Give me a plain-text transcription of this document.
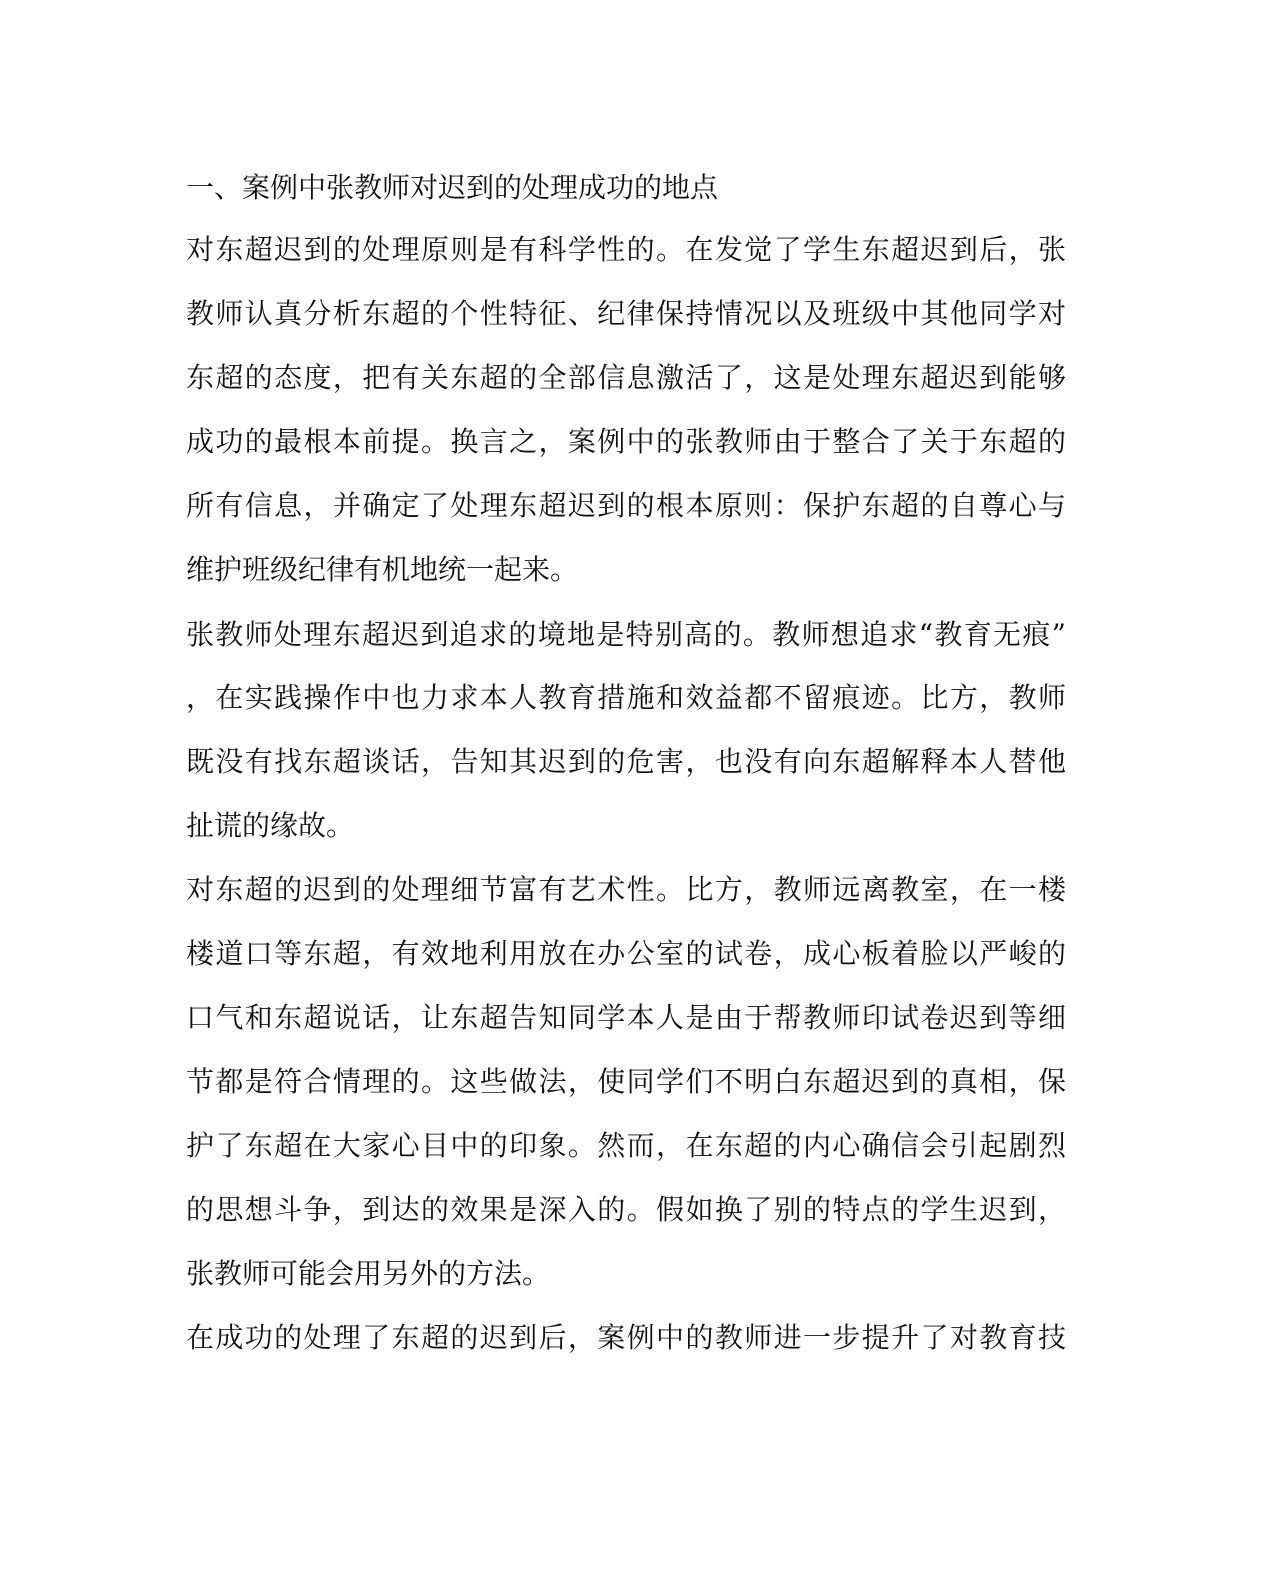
一、案例中张教师对迟到的处理成功的地点
对东超迟到的处理原则是有科学性的。在发觉了学生东超迟到后，张
教师认真分析东超的个性特征、纪律保持情况以及班级中其他同学对
东超的态度，把有关东超的全部信息激活了，这是处理东超迟到能够
成功的最根本前提。换言之，案例中的张教师由于整合了关于东超的
所有信息，并确定了处理东超迟到的根本原则：保护东超的自尊心与
维护班级纪律有机地统一起来。
张教师处理东超迟到追求的境地是特别高的。教师想追求“教育无痕”
，在实践操作中也力求本人教育措施和效益都不留痕迹。比方，教师
既没有找东超谈话，告知其迟到的危害，也没有向东超解释本人替他
扯谎的缘故。
对东超的迟到的处理细节富有艺术性。比方，教师远离教室，在一楼
楼道口等东超，有效地利用放在办公室的试卷，成心板着脸以严峻的
口气和东超说话，让东超告知同学本人是由于帮教师印试卷迟到等细
节都是符合情理的。这些做法，使同学们不明白东超迟到的真相，保
护了东超在大家心目中的印象。然而，在东超的内心确信会引起剧烈
的思想斗争，到达的效果是深入的。假如换了别的特点的学生迟到，
张教师可能会用另外的方法。
在成功的处理了东超的迟到后，案例中的教师进一步提升了对教育技
